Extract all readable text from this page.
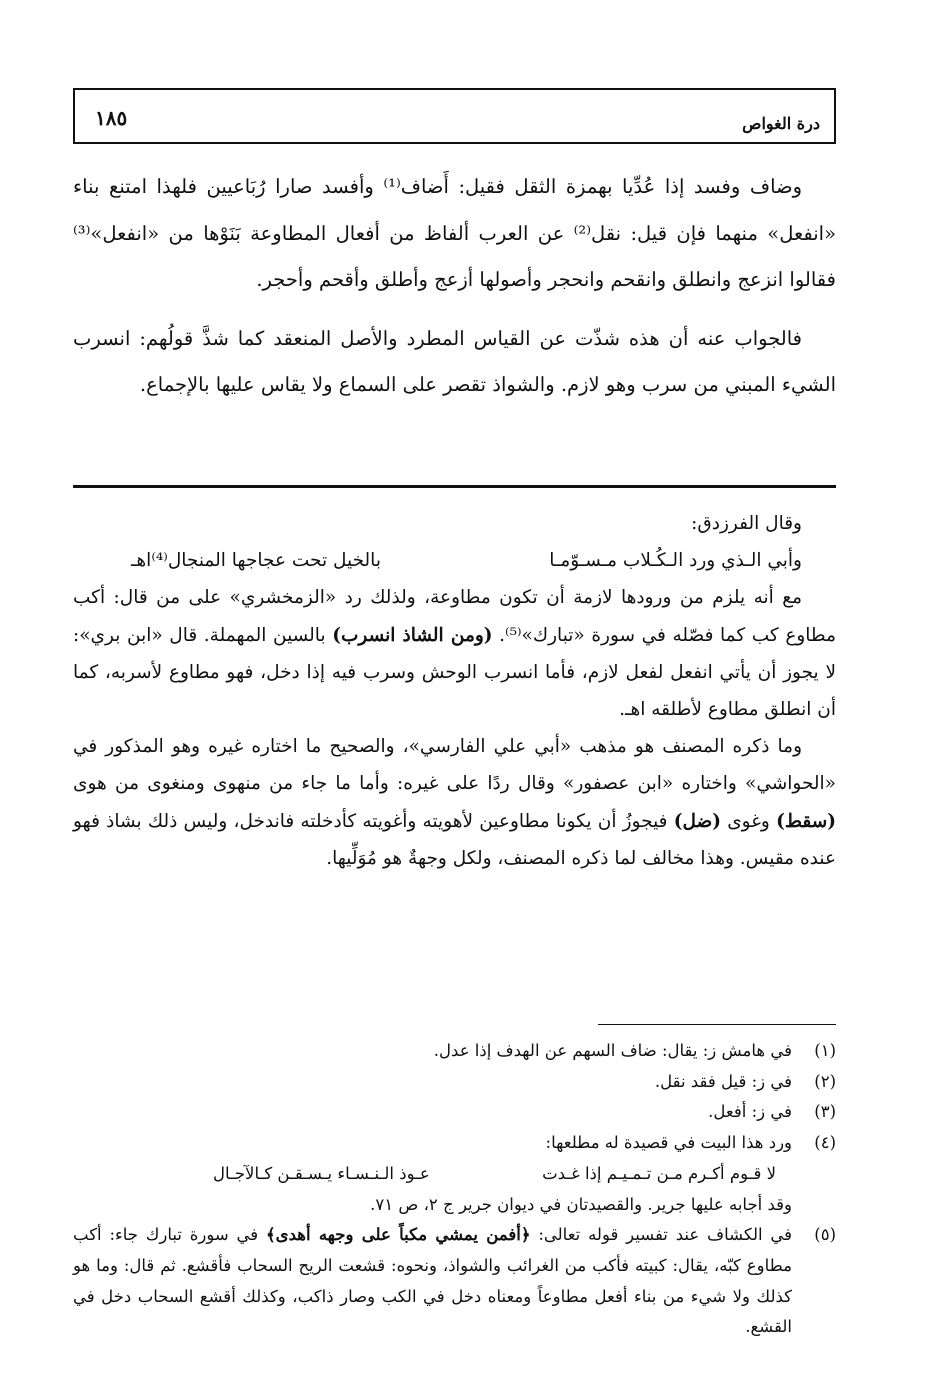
درة الغواص
١٨٥

وضاف وفسد إذا عُدِّيا بهمزة الثقل فقيل: أَضاف⁽¹⁾ وأفسد صارا رُبَاعيين فلهذا امتنع بناء «انفعل» منهما فإن قيل: نقل⁽²⁾ عن العرب ألفاظ من أفعال المطاوعة بَنَوْها من «انفعل»⁽³⁾ فقالوا انزعج وانطلق وانقحم وانحجر وأصولها أزعج وأطلق وأقحم وأحجر.

فالجواب عنه أن هذه شذّت عن القياس المطرد والأصل المنعقد كما شذَّ قولُهم: انسرب الشيء المبني من سرب وهو لازم. والشواذ تقصر على السماع ولا يقاس عليها بالإجماع.

وقال الفرزدق:

وأبي الـذي ورد الـكُـلاب مـسـوّمـا
بالخيل تحت عجاجها المنجال⁽⁴⁾اهـ

مع أنه يلزم من ورودها لازمة أن تكون مطاوعة، ولذلك رد «الزمخشري» على من قال: أكب مطاوع كب كما فصّله في سورة «تبارك»⁽⁵⁾. (ومن الشاذ انسرب) بالسين المهملة. قال «ابن بري»: لا يجوز أن يأتي انفعل لفعل لازم، فأما انسرب الوحش وسرب فيه إذا دخل، فهو مطاوع لأسربه، كما أن انطلق مطاوع لأطلقه اهـ.

وما ذكره المصنف هو مذهب «أبي علي الفارسي»، والصحيح ما اختاره غيره وهو المذكور في «الحواشي» واختاره «ابن عصفور» وقال ردًا على غيره: وأما ما جاء من منهوى ومنغوى من هوى (سقط) وغوى (ضل) فيجوزُ أن يكونا مطاوعين لأهويته وأغويته كأدخلته فاندخل، وليس ذلك بشاذ فهو عنده مقيس. وهذا مخالف لما ذكره المصنف، ولكل وجهةٌ هو مُوَلِّيها.

(١)
في هامش ز: يقال: ضاف السهم عن الهدف إذا عدل.
(٢)
في ز: قيل فقد نقل.
(٣)
في ز: أفعل.
(٤)
ورد هذا البيت في قصيدة له مطلعها:
لا قـوم أكـرم مـن تـمـيـم إذا غـدت
عـوذ الـنـسـاء يـسـقـن كـالآجـال
وقد أجابه عليها جرير. والقصيدتان في ديوان جرير ج ٢، ص ٧١.
(٥)
في الكشاف عند تفسير قوله تعالى: ﴿أفمن يمشي مكباً على وجهه أهدى﴾ في سورة تبارك جاء: أكب مطاوع كبّه، يقال: كبيته فأكب من الغرائب والشواذ، ونحوه: قشعت الريح السحاب فأقشع. ثم قال: وما هو كذلك ولا شيء من بناء أفعل مطاوعاً ومعناه دخل في الكب وصار ذاكب، وكذلك أقشع السحاب دخل في القشع.
